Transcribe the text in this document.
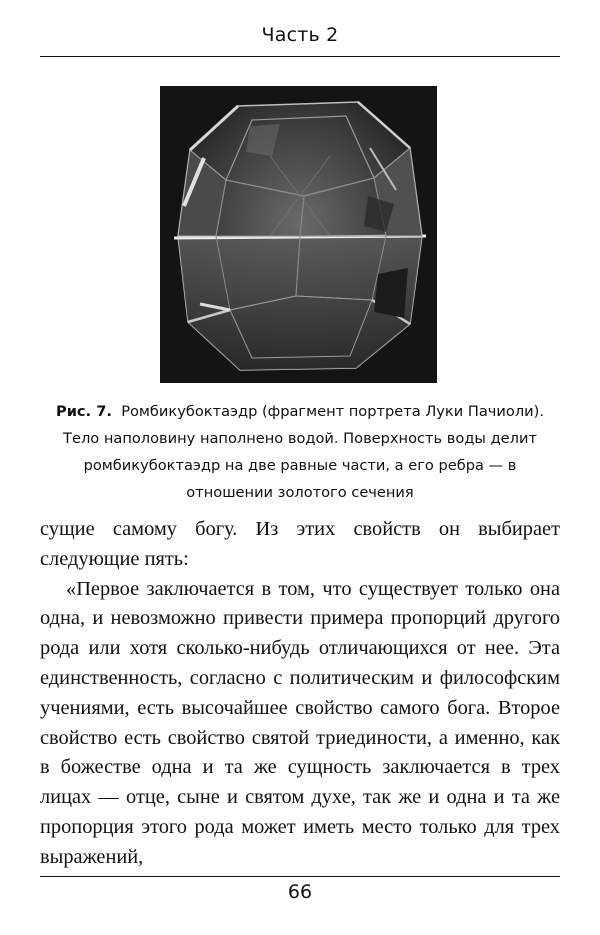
Часть 2
Рис. 7. Ромбикубоктаэдр (фрагмент портрета Луки Пачиоли). Тело наполовину наполнено водой. Поверхность воды делит ромбикубоктаэдр на две равные части, а его ребра — в отношении золотого сечения

сущие самому богу. Из этих свойств он выбирает следующие пять:

«Первое заключается в том, что существует только она одна, и невозможно привести примера пропорций другого рода или хотя сколько-нибудь отличающихся от нее. Эта единственность, согласно с политическим и философским учениями, есть высочайшее свойство самого бога. Второе свойство есть свойство святой триединости, а именно, как в божестве одна и та же сущность заключается в трех лицах — отце, сыне и святом духе, так же и одна и та же пропорция этого рода может иметь место только для трех выражений,

66
